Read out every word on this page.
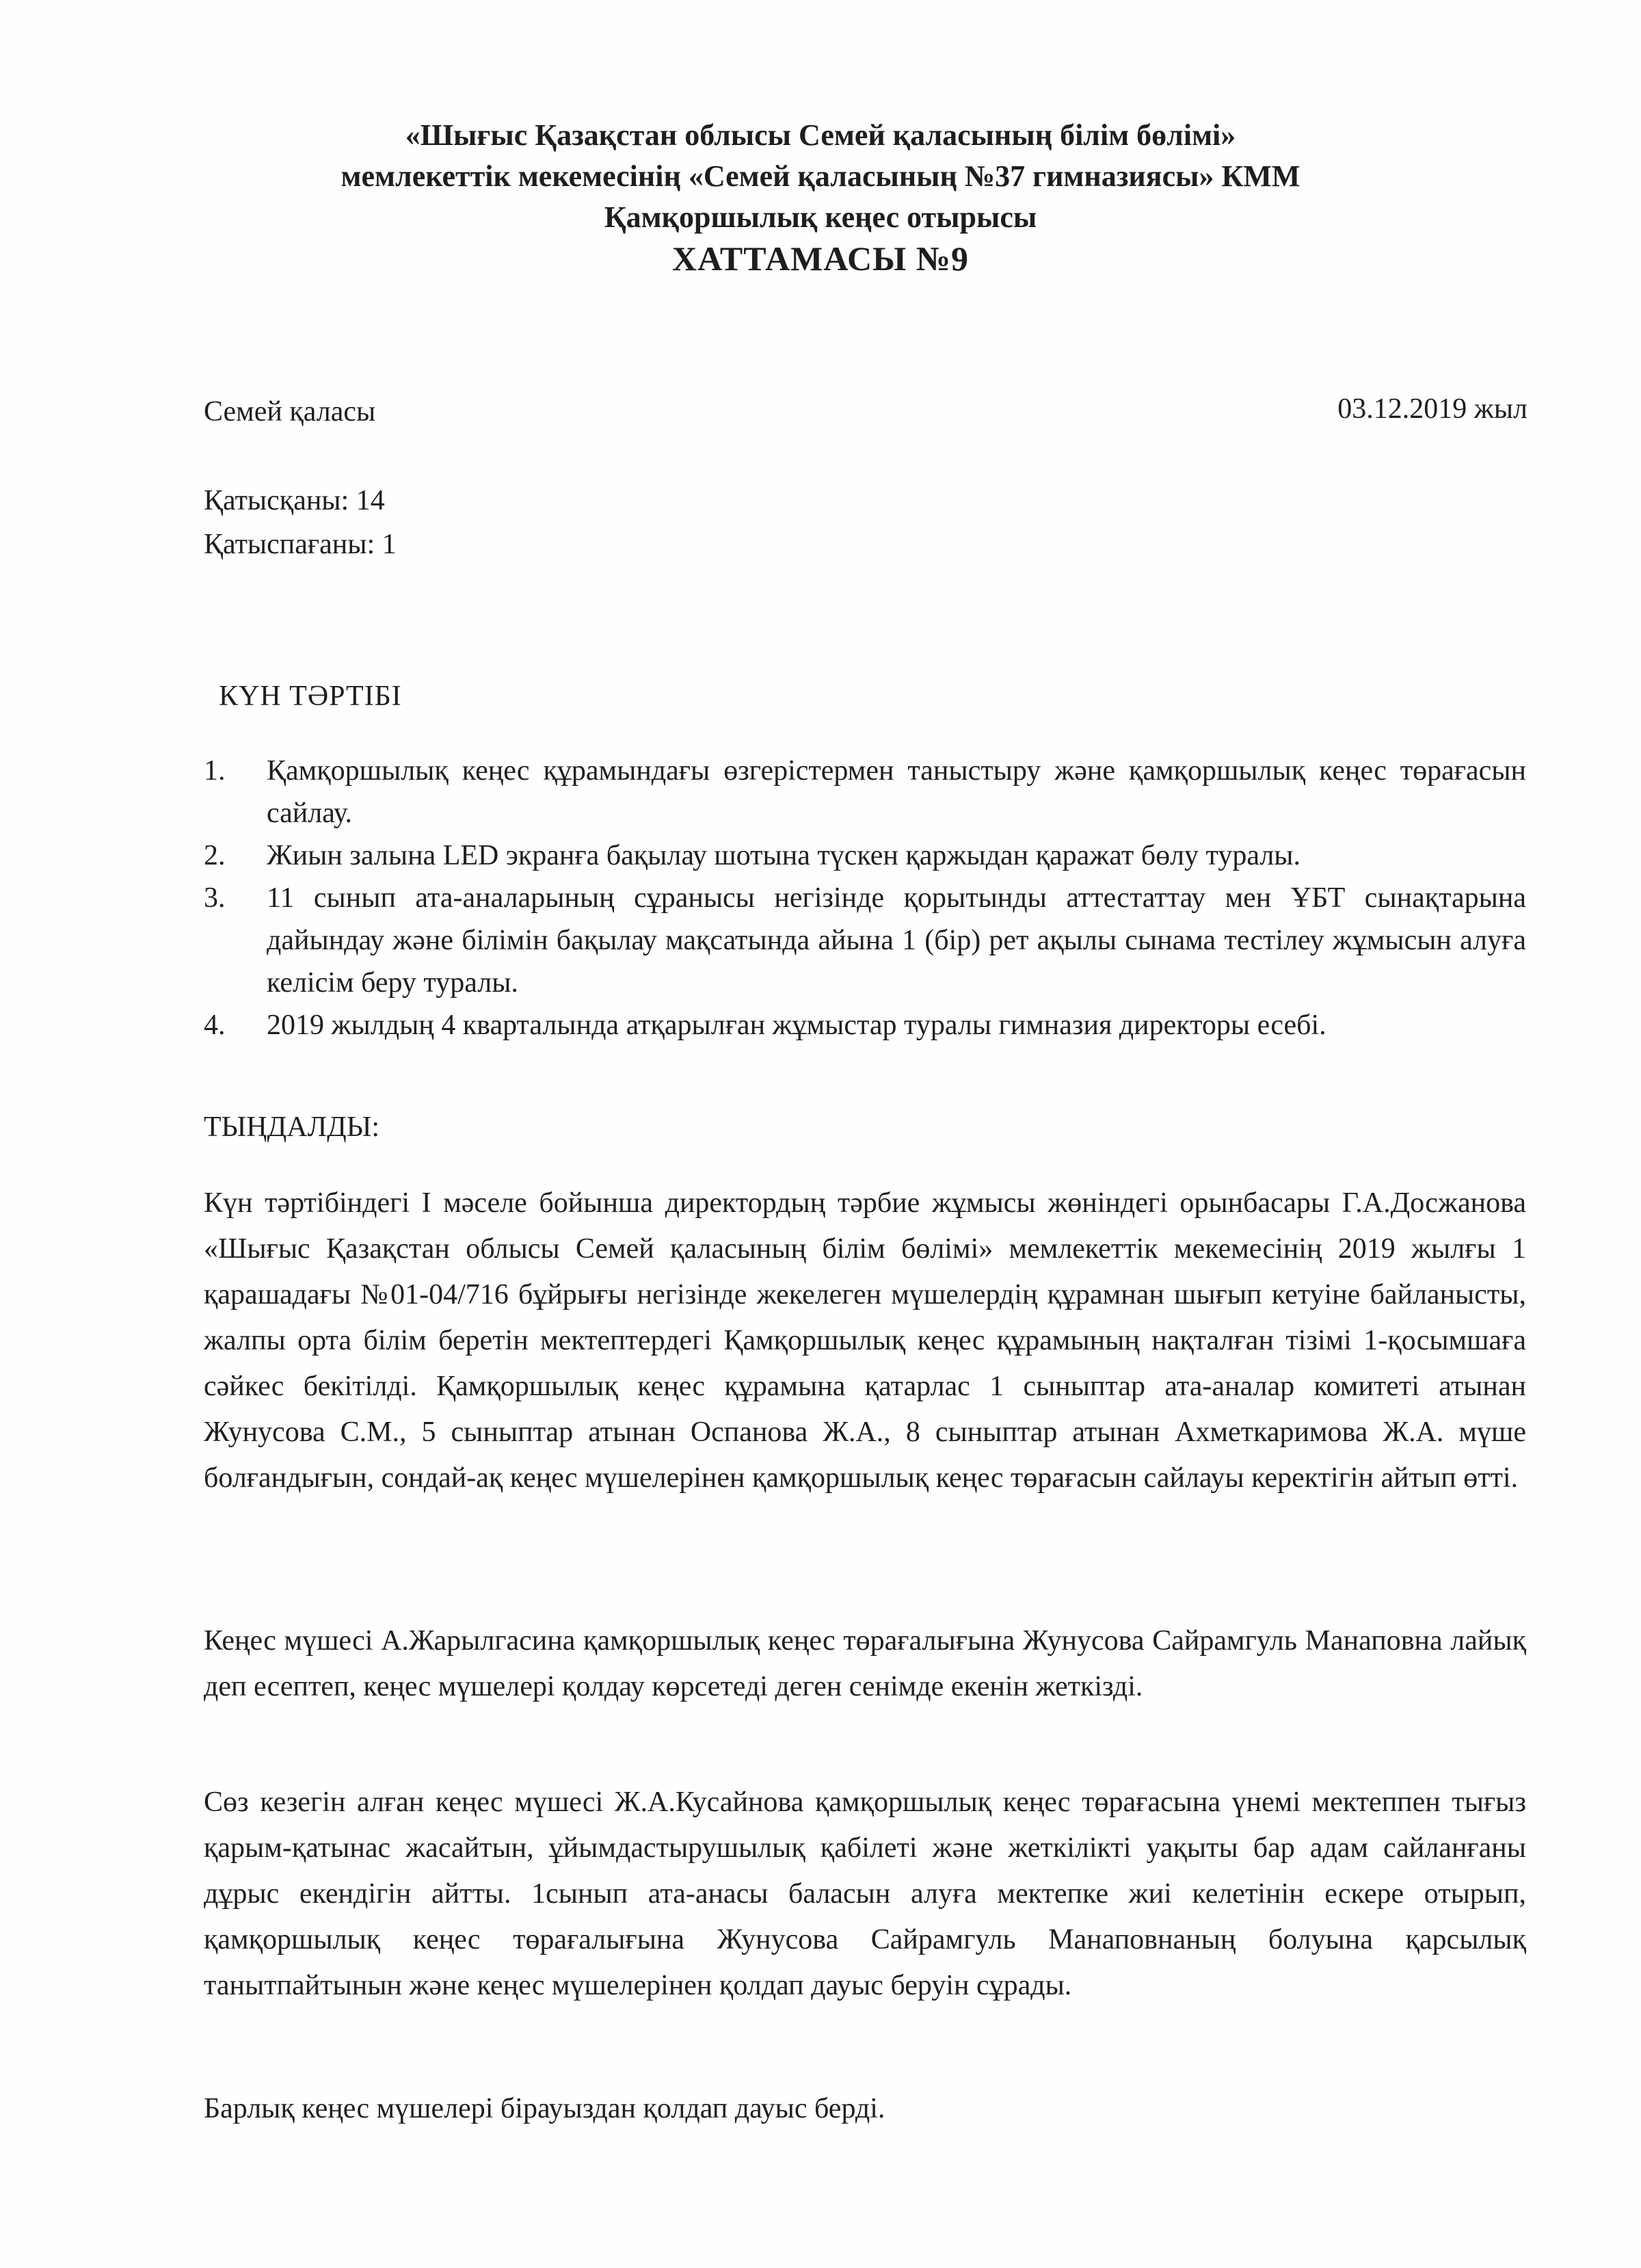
«Шығыс Қазақстан облысы Семей қаласының білім бөлімі»
мемлекеттік мекемесінің «Семей қаласының №37 гимназиясы» КММ
Қамқоршылық кеңес отырысы
ХАТТАМАСЫ №9
Семей қаласы	03.12.2019 жыл
Қатысқаны: 14
Қатыспағаны: 1
КҮН ТӘРТІБІ
1. Қамқоршылық кеңес құрамындағы өзгерістермен таныстыру және қамқоршылық кеңес төрағасын сайлау.
2. Жиын залына LED экранға бақылау шотына түскен қаржыдан қаражат бөлу туралы.
3. 11 сынып ата-аналарының сұранысы негізінде қорытынды аттестаттау мен ҰБТ сынақтарына дайындау және білімін бақылау мақсатында айына 1 (бір) рет ақылы сынама тестілеу жұмысын алуға келісім беру туралы.
4. 2019 жылдың 4 кварталында атқарылған жұмыстар туралы гимназия директоры есебі.
ТЫҢДАЛДЫ:

Күн тәртібіндегі І мәселе бойынша директордың тәрбие жұмысы жөніндегі орынбасары Г.А.Досжанова «Шығыс Қазақстан облысы Семей қаласының білім бөлімі» мемлекеттік мекемесінің 2019 жылғы 1 қарашадағы №01-04/716 бұйрығы негізінде жекелеген мүшелердің құрамнан шығып кетуіне байланысты, жалпы орта білім беретін мектептердегі Қамқоршылық кеңес құрамының нақталған тізімі 1-қосымшаға сәйкес бекітілді. Қамқоршылық кеңес құрамына қатарлас 1 сыныптар ата-аналар комитеті атынан Жунусова С.М., 5 сыныптар атынан Оспанова Ж.А., 8 сыныптар атынан Ахметкаримова Ж.А. мүше болғандығын, сондай-ақ кеңес мүшелерінен қамқоршылық кеңес төрағасын сайлауы керектігін айтып өтті.

Кеңес мүшесі А.Жарылгасина қамқоршылық кеңес төрағалығына Жунусова Сайрамгуль Манаповна лайық деп есептеп, кеңес мүшелері қолдау көрсетеді деген сенімде екенін жеткізді.

Сөз кезегін алған кеңес мүшесі Ж.А.Кусайнова қамқоршылық кеңес төрағасына үнемі мектеппен тығыз қарым-қатынас жасайтын, ұйымдастырушылық қабілеті және жеткілікті уақыты бар адам сайланғаны дұрыс екендігін айтты. 1сынып ата-анасы баласын алуға мектепке жиі келетінін ескере отырып, қамқоршылық кеңес төрағалығына Жунусова Сайрамгуль Манаповнаның болуына қарсылық танытпайтынын және кеңес мүшелерінен қолдап дауыс беруін сұрады.

Барлық кеңес мүшелері бірауыздан қолдап дауыс берді.
